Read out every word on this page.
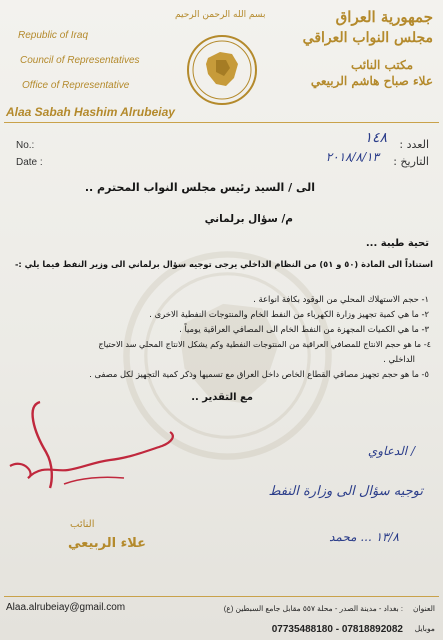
بسم الله الرحمن الرحيم
Republic of Iraq
Council of Representatives
Office of Representative
Alaa Sabah Hashim Alrubeiay
جمهورية العراق
مجلس النواب العراقي
مكتب النائب
علاء صباح هاشم الربيعي
No.:
Date :
العدد :
١٤٨
التاريخ :
٢٠١٨/٨/١٣
الى / السيد رئيس مجلس النواب المحترم ..
م/ سؤال برلماني
تحية طيبة ...
استناداً الى المادة (٥٠ و ٥١) من النظام الداخلي يرجى توجيه سؤال برلماني الى وزير النفط فيما يلي :-
١- حجم الاستهلاك المحلي من الوقود بكافة انواعة .
٢- ما هي كمية تجهيز وزارة الكهرباء من النفط الخام والمنتوجات النفطية الاخرى .
٣- ما هي الكميات المجهزة من النفط الخام الى المصافي العراقية يومياً .
٤- ما هو حجم الانتاج للمصافي العراقية من المنتوجات النفطية وكم يشكل الانتاج المحلي سد الاحتياج
الداخلي .
٥- ما هو حجم تجهيز مصافي القطاع الخاص داخل العراق مع تسميها وذكر كمية التجهيز لكل مصفى .
مع التقدير ..
النائب
علاء الربيعي
/ الدعاوي
توجيه سؤال الى وزارة النفط
١٣/٨ ... محمد
Alaa.alrubeiay@gmail.com	: بغداد - مدينة الصدر - محلة ٥٥٧ مقابل جامع السبطين (ع) العنوان
07735488180 - 07818892082 موبايل
